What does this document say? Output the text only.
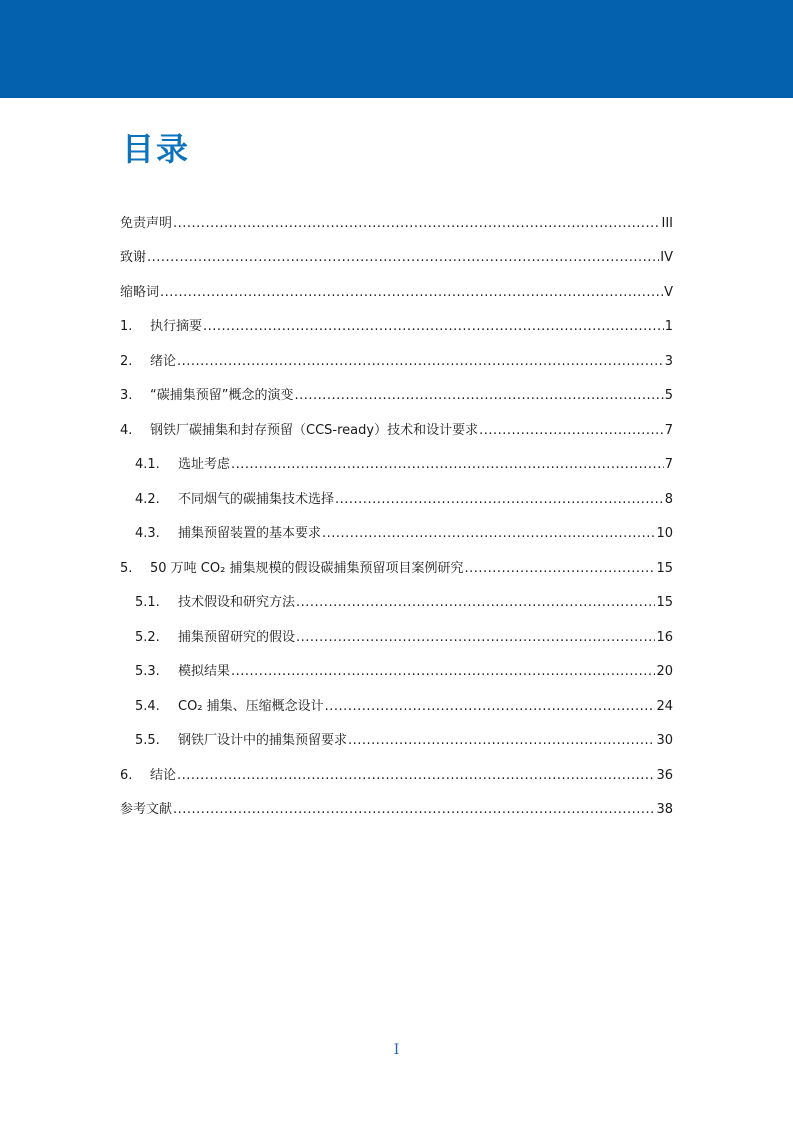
目录
免责声明 .....	III
致谢 .....	IV
缩略词 .....	V
1.	执行摘要 .....	1
2.	绪论 .....	3
3.	“碳捕集预留”概念的演变 .....	5
4.	钢铁厂碳捕集和封存预留（CCS-ready）技术和设计要求 .....	7
4.1.	选址考虑 .....	7
4.2.	不同烟气的碳捕集技术选择 .....	8
4.3.	捕集预留装置的基本要求 .....	10
5.	50 万吨 CO₂ 捕集规模的假设碳捕集预留项目案例研究 .....	15
5.1.	技术假设和研究方法 .....	15
5.2.	捕集预留研究的假设 .....	16
5.3.	模拟结果 .....	20
5.4.	CO₂ 捕集、压缩概念设计 .....	24
5.5.	钢铁厂设计中的捕集预留要求 .....	30
6.	结论 .....	36
参考文献 .....	38
I
